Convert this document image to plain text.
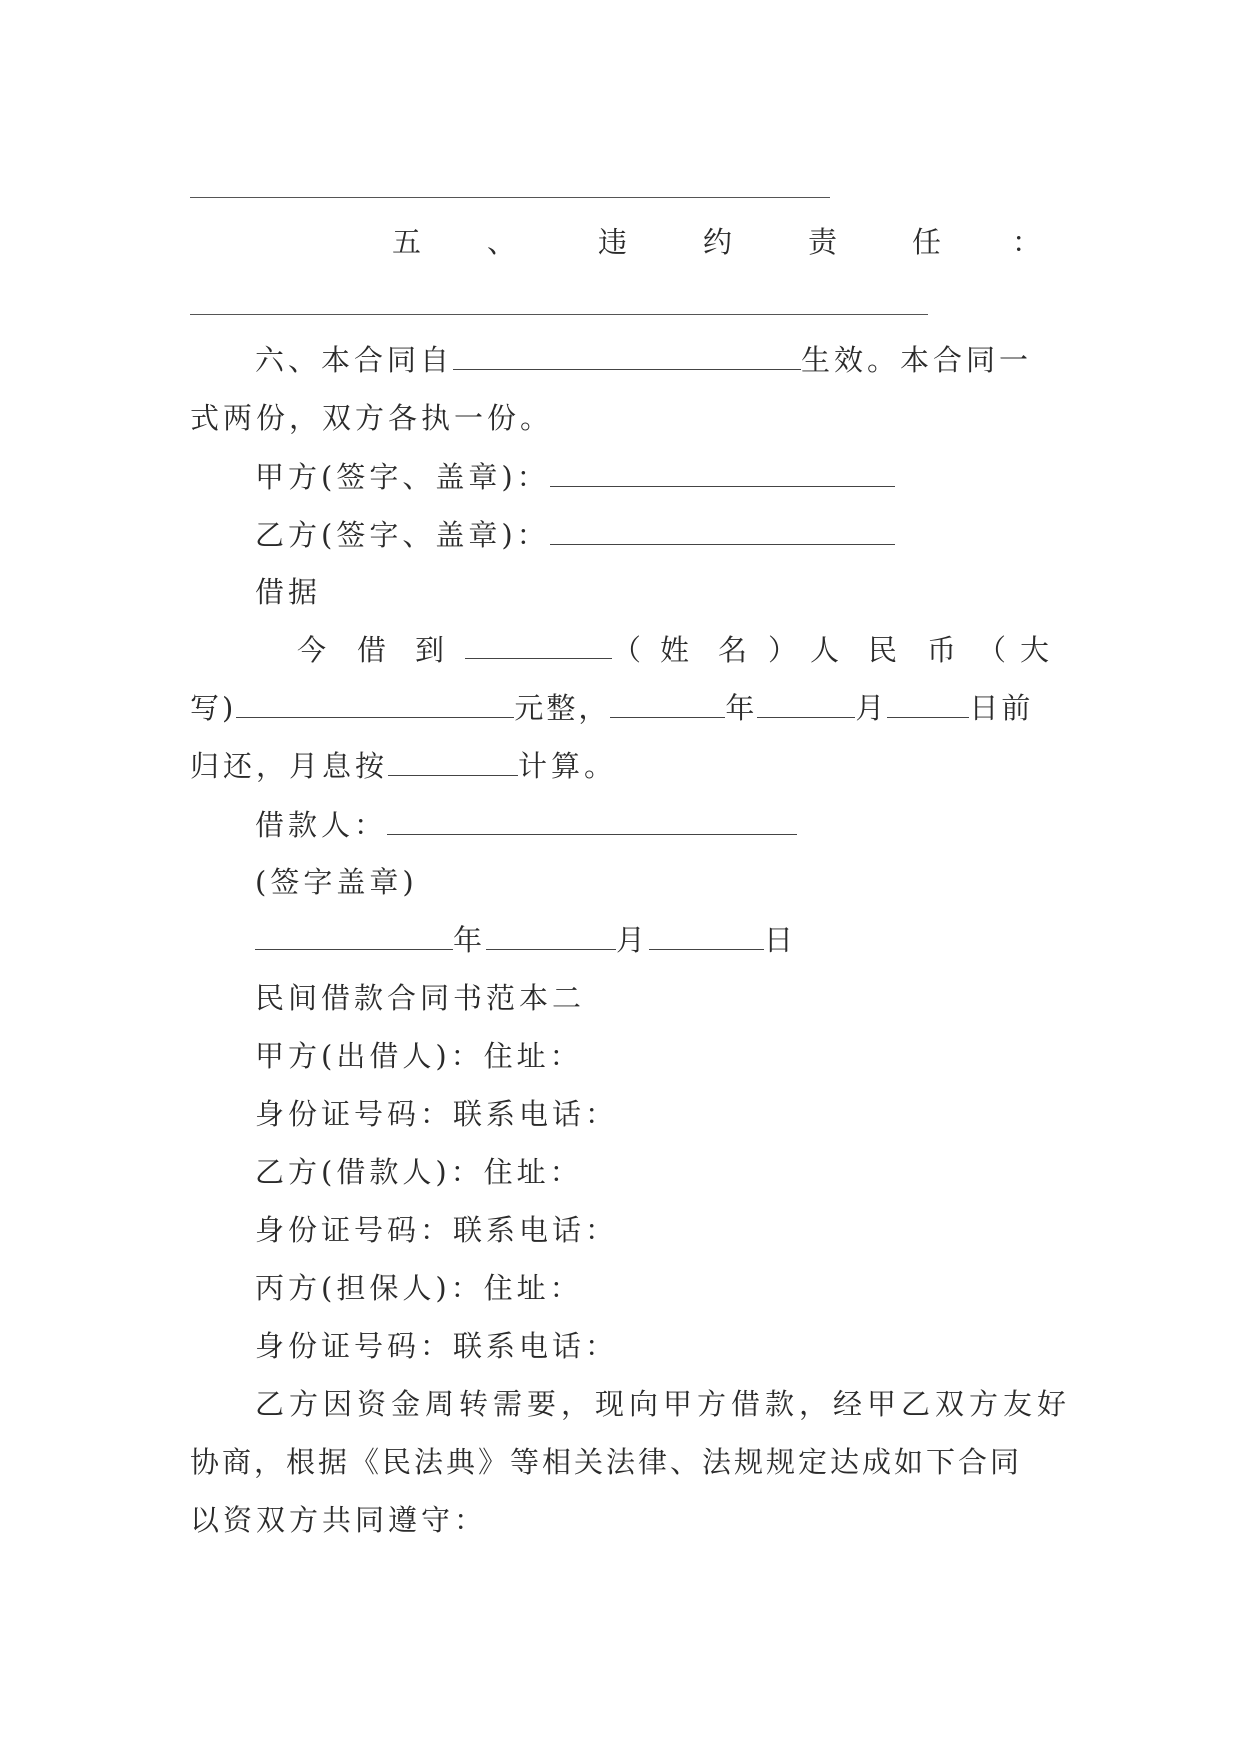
五 、	违	约	责	任 ：
六、本合同自	生效。本合同一
式两份，双方各执一份。
甲方(签字、盖章)：
乙方(签字、盖章)：
借据
今 借 到	（ 姓 名 ） 人 民 币 （ 大
写)	元整，	年	月	日前
归还，月息按	计算。
借款人：
(签字盖章)
年	月	日
民间借款合同书范本二
甲方(出借人)：住址：
身份证号码：联系电话：
乙方(借款人)：住址：
身份证号码：联系电话：
丙方(担保人)：住址：
身份证号码：联系电话：
乙方因资金周转需要，现向甲方借款，经甲乙双方友好
协商，根据《民法典》等相关法律、法规规定达成如下合同
以资双方共同遵守：
